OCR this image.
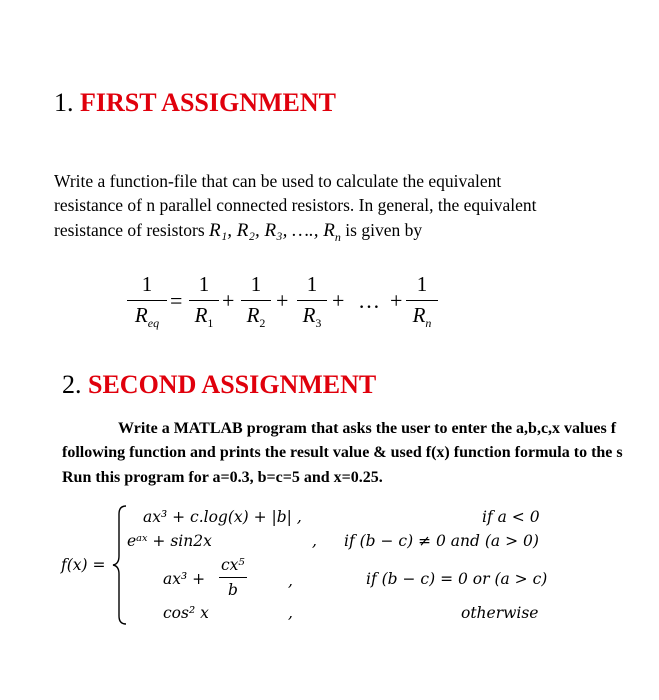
1. FIRST ASSIGNMENT
Write a function-file that can be used to calculate the equivalent
resistance of n parallel connected resistors. In general, the equivalent
resistance of resistors R₁, R₂, R₃, …., $R_n$ is given by
1
$R_{eq}$
=
1
$R_1$
+
1
$R_2$
+
1
$R_3$
+ … +
1
$R_n$
2. SECOND ASSIGNMENT
Write a MATLAB program that asks the user to enter the a,b,c,x values f
following function and prints the result value & used f(x) function formula to the s
Run this program for a=0.3, b=c=5 and x=0.25.
f(x) =
ax³ + c.log(x) + |b| ,	if a < 0
eᵃˣ + sin2x	, if (b − c) ≠ 0 and (a > 0)
ax³ +
cx⁵
b	,	if (b − c) = 0 or (a > c)
cos² x	,	otherwise
